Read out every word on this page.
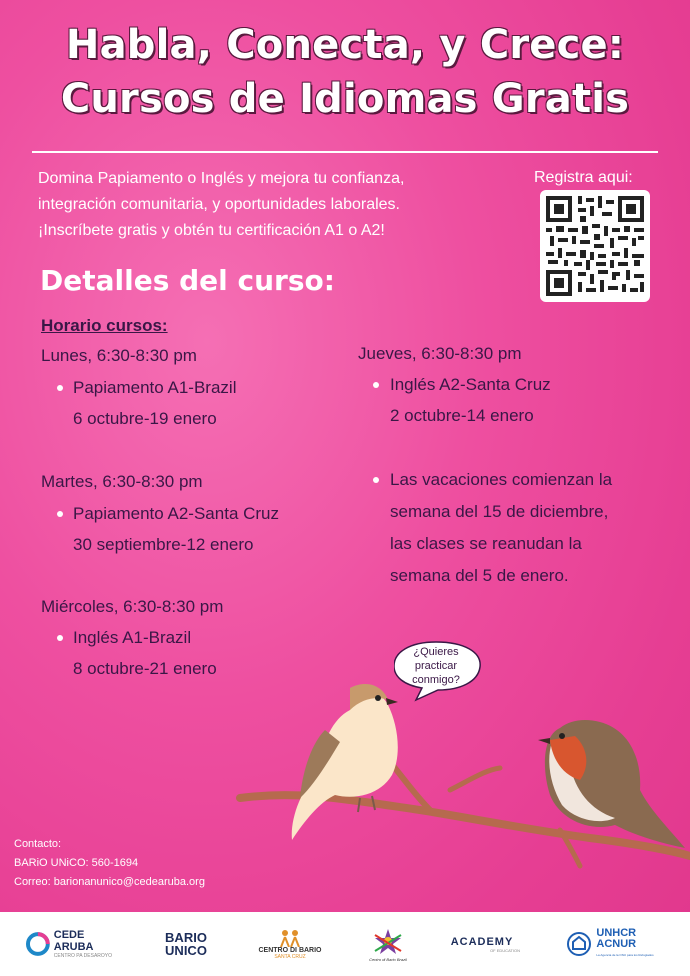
Habla, Conecta, y Crece:
Cursos de Idiomas Gratis
Domina Papiamento o Inglés y mejora tu confianza,
integración comunitaria, y oportunidades laborales.
¡Inscríbete gratis y obtén tu certificación A1 o A2!
Registra aqui:
Detalles del curso:
Horario cursos:
Lunes, 6:30-8:30 pm
Papiamento A1-Brazil
6 octubre-19 enero
Martes, 6:30-8:30 pm
Papiamento A2-Santa Cruz
30 septiembre-12 enero
Miércoles, 6:30-8:30 pm
Inglés A1-Brazil
8 octubre-21 enero
Jueves, 6:30-8:30 pm
Inglés A2-Santa Cruz
2 octubre-14 enero
Las vacaciones comienzan la
semana del 15 de diciembre,
las clases se reanudan la
semana del 5 de enero.
¿Quieres
practicar
conmigo?
Contacto:
BARiO UNiCO: 560-1694
Correo: barionanunico@cedearuba.org
CEDE ARUBA
CENTRO PA DESAROYO
BARIO
UNICO	CENTRO DI BARIO
SANTA CRUZ	Centro di Bario Brazil
ACADEMY
OF EDUCATION
UNHCR
ACNUR
La Agencia de la ONU para los Refugiados
